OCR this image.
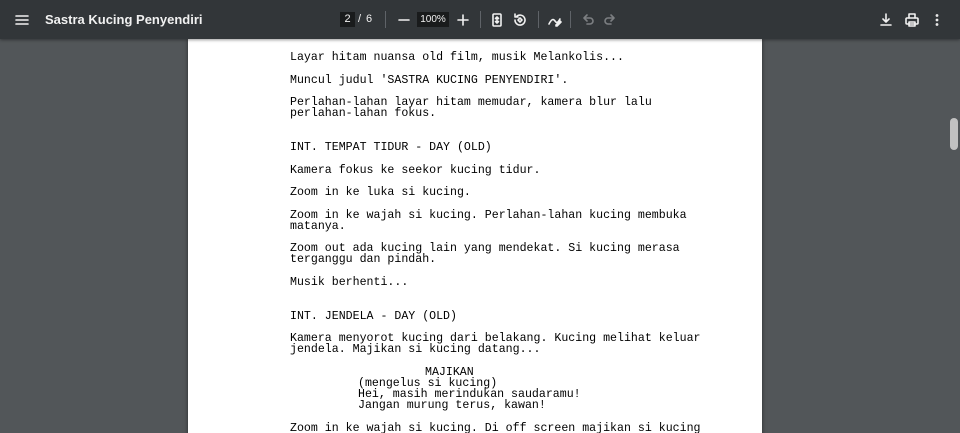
Sastra Kucing Penyendiri	2 / 6	100%

Layar hitam nuansa old film, musik Melankolis...

Muncul judul 'SASTRA KUCING PENYENDIRI'.

Perlahan-lahan layar hitam memudar, kamera blur lalu

perlahan-lahan fokus.

INT. TEMPAT TIDUR - DAY (OLD)

Kamera fokus ke seekor kucing tidur.

Zoom in ke luka si kucing.

Zoom in ke wajah si kucing. Perlahan-lahan kucing membuka

matanya.

Zoom out ada kucing lain yang mendekat. Si kucing merasa

terganggu dan pindah.

Musik berhenti...

INT. JENDELA - DAY (OLD)

Kamera menyorot kucing dari belakang. Kucing melihat keluar

jendela. Majikan si kucing datang...

MAJIKAN

(mengelus si kucing)

Hei, masih merindukan saudaramu!

Jangan murung terus, kawan!

Zoom in ke wajah si kucing. Di off screen majikan si kucing
